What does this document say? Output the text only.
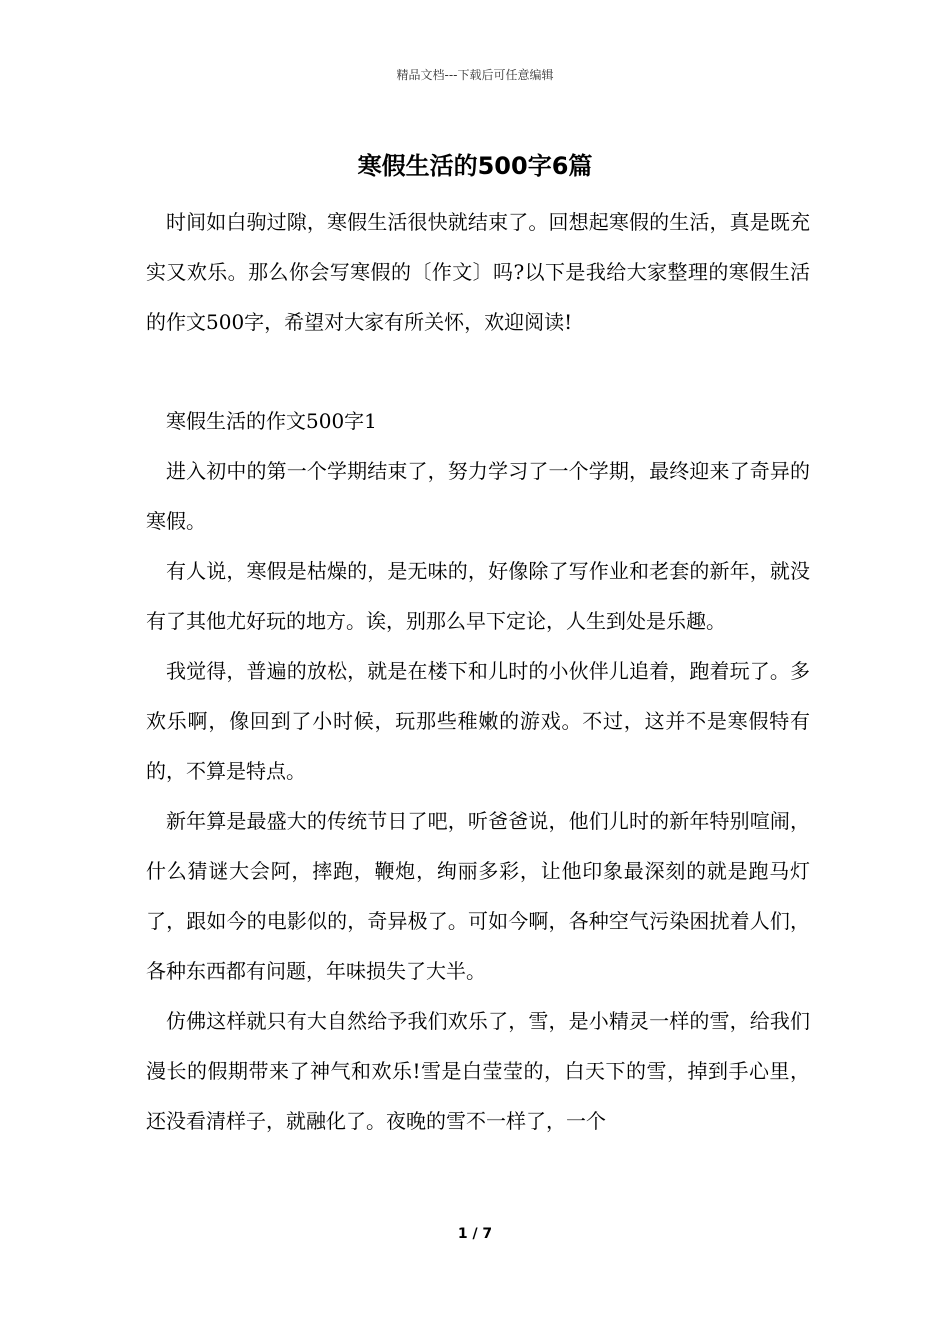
精品文档---下载后可任意编辑
寒假生活的500字6篇

时间如白驹过隙，寒假生活很快就结束了。回想起寒假的生活，真是既充实又欢乐。那么你会写寒假的〔作文〕吗?以下是我给大家整理的寒假生活的作文500字，希望对大家有所关怀，欢迎阅读!

寒假生活的作文500字1

进入初中的第一个学期结束了，努力学习了一个学期，最终迎来了奇异的寒假。

有人说，寒假是枯燥的，是无味的，好像除了写作业和老套的新年，就没有了其他尤好玩的地方。诶，别那么早下定论，人生到处是乐趣。

我觉得，普遍的放松，就是在楼下和儿时的小伙伴儿追着，跑着玩了。多欢乐啊，像回到了小时候，玩那些稚嫩的游戏。不过，这并不是寒假特有的，不算是特点。

新年算是最盛大的传统节日了吧，听爸爸说，他们儿时的新年特别喧闹，什么猜谜大会阿，摔跑，鞭炮，绚丽多彩，让他印象最深刻的就是跑马灯了，跟如今的电影似的，奇异极了。可如今啊，各种空气污染困扰着人们，各种东西都有问题，年味损失了大半。

仿佛这样就只有大自然给予我们欢乐了，雪，是小精灵一样的雪，给我们漫长的假期带来了神气和欢乐!雪是白莹莹的，白天下的雪，掉到手心里，还没看清样子，就融化了。夜晚的雪不一样了，一个

1 / 7
